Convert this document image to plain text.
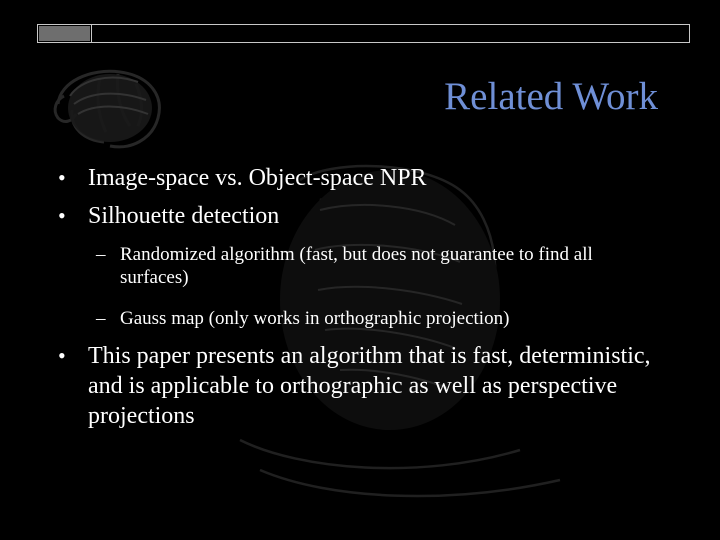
Related Work
• Image-space vs. Object-space NPR
• Silhouette detection
– Randomized algorithm (fast, but does not guarantee to find all surfaces)
– Gauss map (only works in orthographic projection)
• This paper presents an algorithm that is fast, deterministic, and is applicable to orthographic as well as perspective projections
